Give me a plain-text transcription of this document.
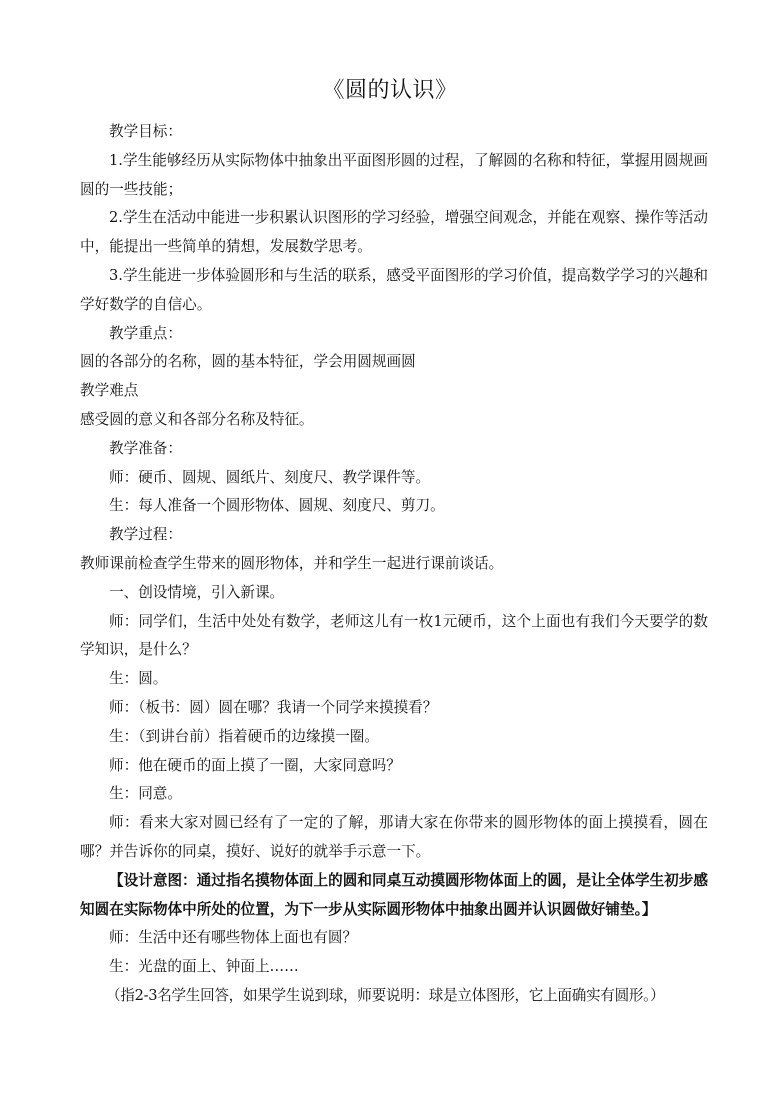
《圆的认识》

教学目标：

1.学生能够经历从实际物体中抽象出平面图形圆的过程，了解圆的名称和特征，掌握用圆规画圆的一些技能；

2.学生在活动中能进一步积累认识图形的学习经验，增强空间观念，并能在观察、操作等活动中，能提出一些简单的猜想，发展数学思考。

3.学生能进一步体验圆形和与生活的联系，感受平面图形的学习价值，提高数学学习的兴趣和学好数学的自信心。

教学重点：

圆的各部分的名称，圆的基本特征，学会用圆规画圆

教学难点

感受圆的意义和各部分名称及特征。

教学准备：

师：硬币、圆规、圆纸片、刻度尺、教学课件等。

生：每人准备一个圆形物体、圆规、刻度尺、剪刀。

教学过程：

教师课前检查学生带来的圆形物体，并和学生一起进行课前谈话。

一、创设情境，引入新课。

师：同学们，生活中处处有数学，老师这儿有一枚1元硬币，这个上面也有我们今天要学的数学知识，是什么？

生：圆。

师：（板书：圆）圆在哪？我请一个同学来摸摸看？

生：（到讲台前）指着硬币的边缘摸一圈。

师：他在硬币的面上摸了一圈，大家同意吗？

生：同意。

师：看来大家对圆已经有了一定的了解，那请大家在你带来的圆形物体的面上摸摸看，圆在哪？并告诉你的同桌，摸好、说好的就举手示意一下。

【设计意图：通过指名摸物体面上的圆和同桌互动摸圆形物体面上的圆，是让全体学生初步感知圆在实际物体中所处的位置，为下一步从实际圆形物体中抽象出圆并认识圆做好铺垫。】

师：生活中还有哪些物体上面也有圆？

生：光盘的面上、钟面上……

（指2-3名学生回答，如果学生说到球，师要说明：球是立体图形，它上面确实有圆形。）
